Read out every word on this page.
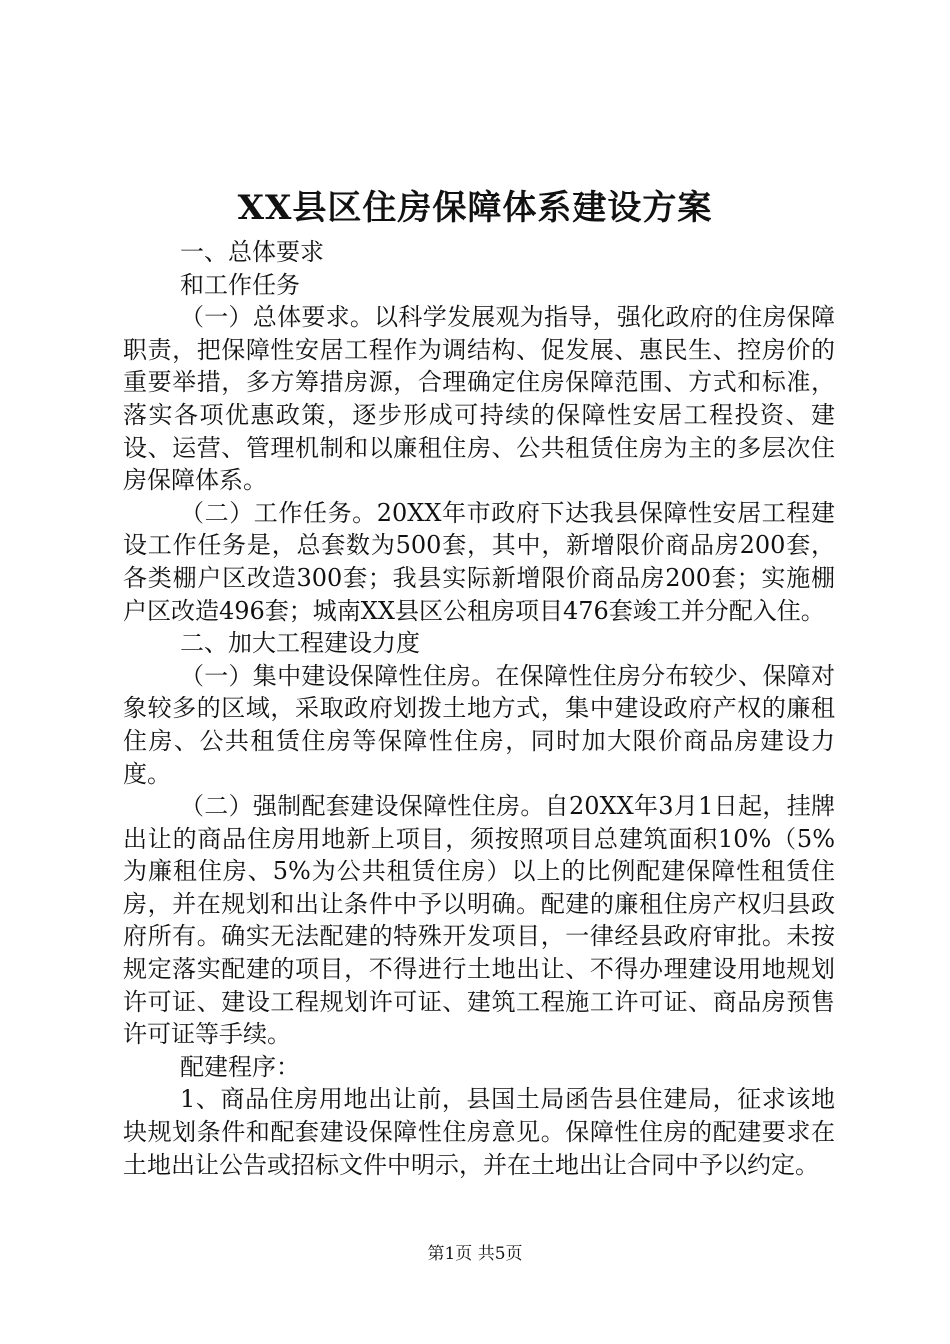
XX县区住房保障体系建设方案

一、总体要求

和工作任务

（一）总体要求。以科学发展观为指导，强化政府的住房保障职责，把保障性安居工程作为调结构、促发展、惠民生、控房价的重要举措，多方筹措房源，合理确定住房保障范围、方式和标准，落实各项优惠政策，逐步形成可持续的保障性安居工程投资、建设、运营、管理机制和以廉租住房、公共租赁住房为主的多层次住房保障体系。

（二）工作任务。20XX年市政府下达我县保障性安居工程建设工作任务是，总套数为500套，其中，新增限价商品房200套，各类棚户区改造300套；我县实际新增限价商品房200套；实施棚户区改造496套；城南XX县区公租房项目476套竣工并分配入住。

二、加大工程建设力度

（一）集中建设保障性住房。在保障性住房分布较少、保障对象较多的区域，采取政府划拨土地方式，集中建设政府产权的廉租住房、公共租赁住房等保障性住房，同时加大限价商品房建设力度。

（二）强制配套建设保障性住房。自20XX年3月1日起，挂牌出让的商品住房用地新上项目，须按照项目总建筑面积10%（5%为廉租住房、5%为公共租赁住房）以上的比例配建保障性租赁住房，并在规划和出让条件中予以明确。配建的廉租住房产权归县政府所有。确实无法配建的特殊开发项目，一律经县政府审批。未按规定落实配建的项目，不得进行土地出让、不得办理建设用地规划许可证、建设工程规划许可证、建筑工程施工许可证、商品房预售许可证等手续。

配建程序：

1、商品住房用地出让前，县国土局函告县住建局，征求该地块规划条件和配套建设保障性住房意见。保障性住房的配建要求在土地出让公告或招标文件中明示，并在土地出让合同中予以约定。

第1页 共5页
